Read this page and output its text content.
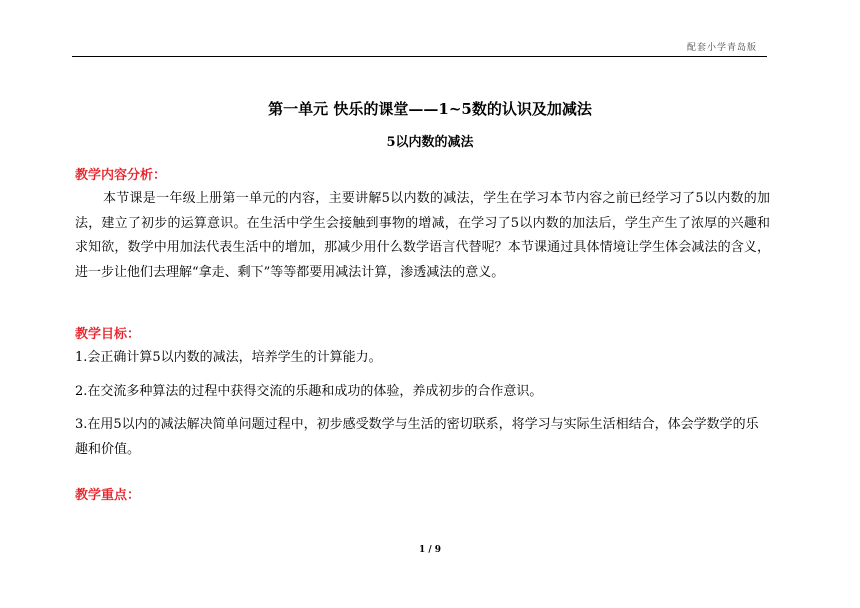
配套小学青岛版
第一单元 快乐的课堂——1~5数的认识及加减法
5以内数的减法
教学内容分析：
本节课是一年级上册第一单元的内容，主要讲解5以内数的减法，学生在学习本节内容之前已经学习了5以内数的加法，建立了初步的运算意识。在生活中学生会接触到事物的增减，在学习了5以内数的加法后，学生产生了浓厚的兴趣和求知欲，数学中用加法代表生活中的增加，那减少用什么数学语言代替呢？本节课通过具体情境让学生体会减法的含义，进一步让他们去理解“拿走、剩下”等等都要用减法计算，渗透减法的意义。
教学目标：
1.会正确计算5以内数的减法，培养学生的计算能力。
2.在交流多种算法的过程中获得交流的乐趣和成功的体验，养成初步的合作意识。
3.在用5以内的减法解决简单问题过程中，初步感受数学与生活的密切联系，将学习与实际生活相结合，体会学数学的乐趣和价值。
教学重点：
1 / 9
